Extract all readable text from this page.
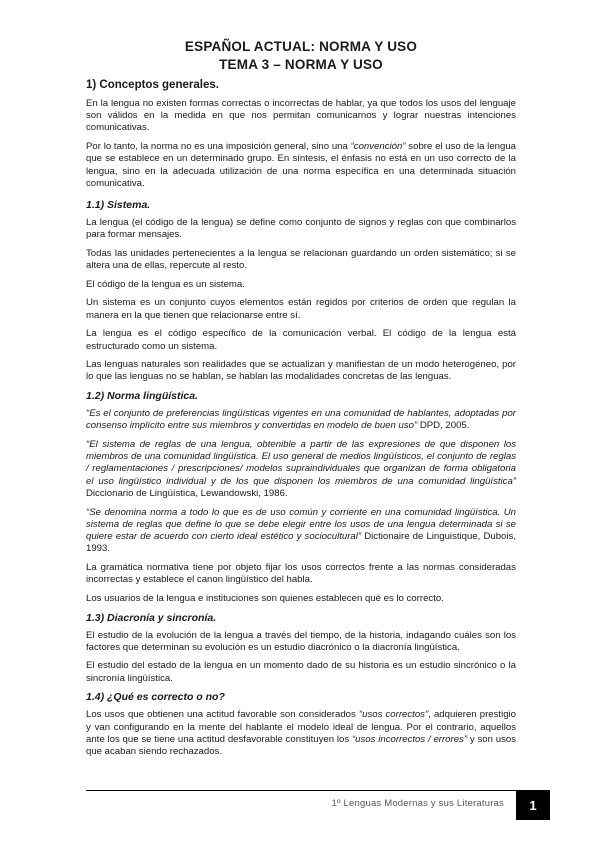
ESPAÑOL ACTUAL: NORMA Y USO
TEMA 3 – NORMA Y USO
1) Conceptos generales.

En la lengua no existen formas correctas o incorrectas de hablar, ya que todos los usos del lenguaje son válidos en la medida en que nos permitan comunicarnos y lograr nuestras intenciones comunicativas.

Por lo tanto, la norma no es una imposición general, sino una “convención” sobre el uso de la lengua que se establece en un determinado grupo. En síntesis, el énfasis no está en un uso correcto de la lengua, sino en la adecuada utilización de una norma específica en una determinada situación comunicativa.

1.1) Sistema.

La lengua (el código de la lengua) se define como conjunto de signos y reglas con que combinarlos para formar mensajes.

Todas las unidades pertenecientes a la lengua se relacionan guardando un orden sistemático; si se altera una de ellas, repercute al resto.

El código de la lengua es un sistema.

Un sistema es un conjunto cuyos elementos están regidos por criterios de orden que regulan la manera en la que tienen que relacionarse entre sí.

La lengua es el código específico de la comunicación verbal. El código de la lengua está estructurado como un sistema.

Las lenguas naturales son realidades que se actualizan y manifiestan de un modo heterogéneo, por lo que las lenguas no se hablan, se hablan las modalidades concretas de las lenguas.

1.2) Norma lingüística.

“Es el conjunto de preferencias lingüísticas vigentes en una comunidad de hablantes, adoptadas por consenso implícito entre sus miembros y convertidas en modelo de buen uso” DPD, 2005.

“El sistema de reglas de una lengua, obtenible a partir de las expresiones de que disponen los miembros de una comunidad lingüística. El uso general de medios lingüísticos, el conjunto de reglas / reglamentaciones / prescripciones/ modelos supraindividuales que organizan de forma obligatoria el uso lingüístico individual y de los que disponen los miembros de una comunidad lingüística” Diccionario de Lingüística, Lewandowski, 1986.

“Se denomina norma a todo lo que es de uso común y corriente en una comunidad lingüística. Un sistema de reglas que define lo que se debe elegir entre los usos de una lengua determinada si se quiere estar de acuerdo con cierto ideal estético y sociocultural” Dictionaire de Linguistique, Dubois, 1993.

La gramática normativa tiene por objeto fijar los usos correctos frente a las normas consideradas incorrectas y establece el canon lingüístico del habla.

Los usuarios de la lengua e instituciones son quienes establecen qué es lo correcto.

1.3) Diacronía y sincronía.

El estudio de la evolución de la lengua a través del tiempo, de la historia, indagando cuáles son los factores que determinan su evolución es un estudio diacrónico o la diacronía lingüística.

El estudio del estado de la lengua en un momento dado de su historia es un estudio sincrónico o la sincronía lingüística.

1.4) ¿Qué es correcto o no?

Los usos que obtienen una actitud favorable son considerados “usos correctos”, adquieren prestigio y van configurando en la mente del hablante el modelo ideal de lengua. Por el contrario, aquellos ante los que se tiene una actitud desfavorable constituyen los “usos incorrectos / errores” y son usos que acaban siendo rechazados.

1º Lenguas Modernas y sus Literaturas	1
